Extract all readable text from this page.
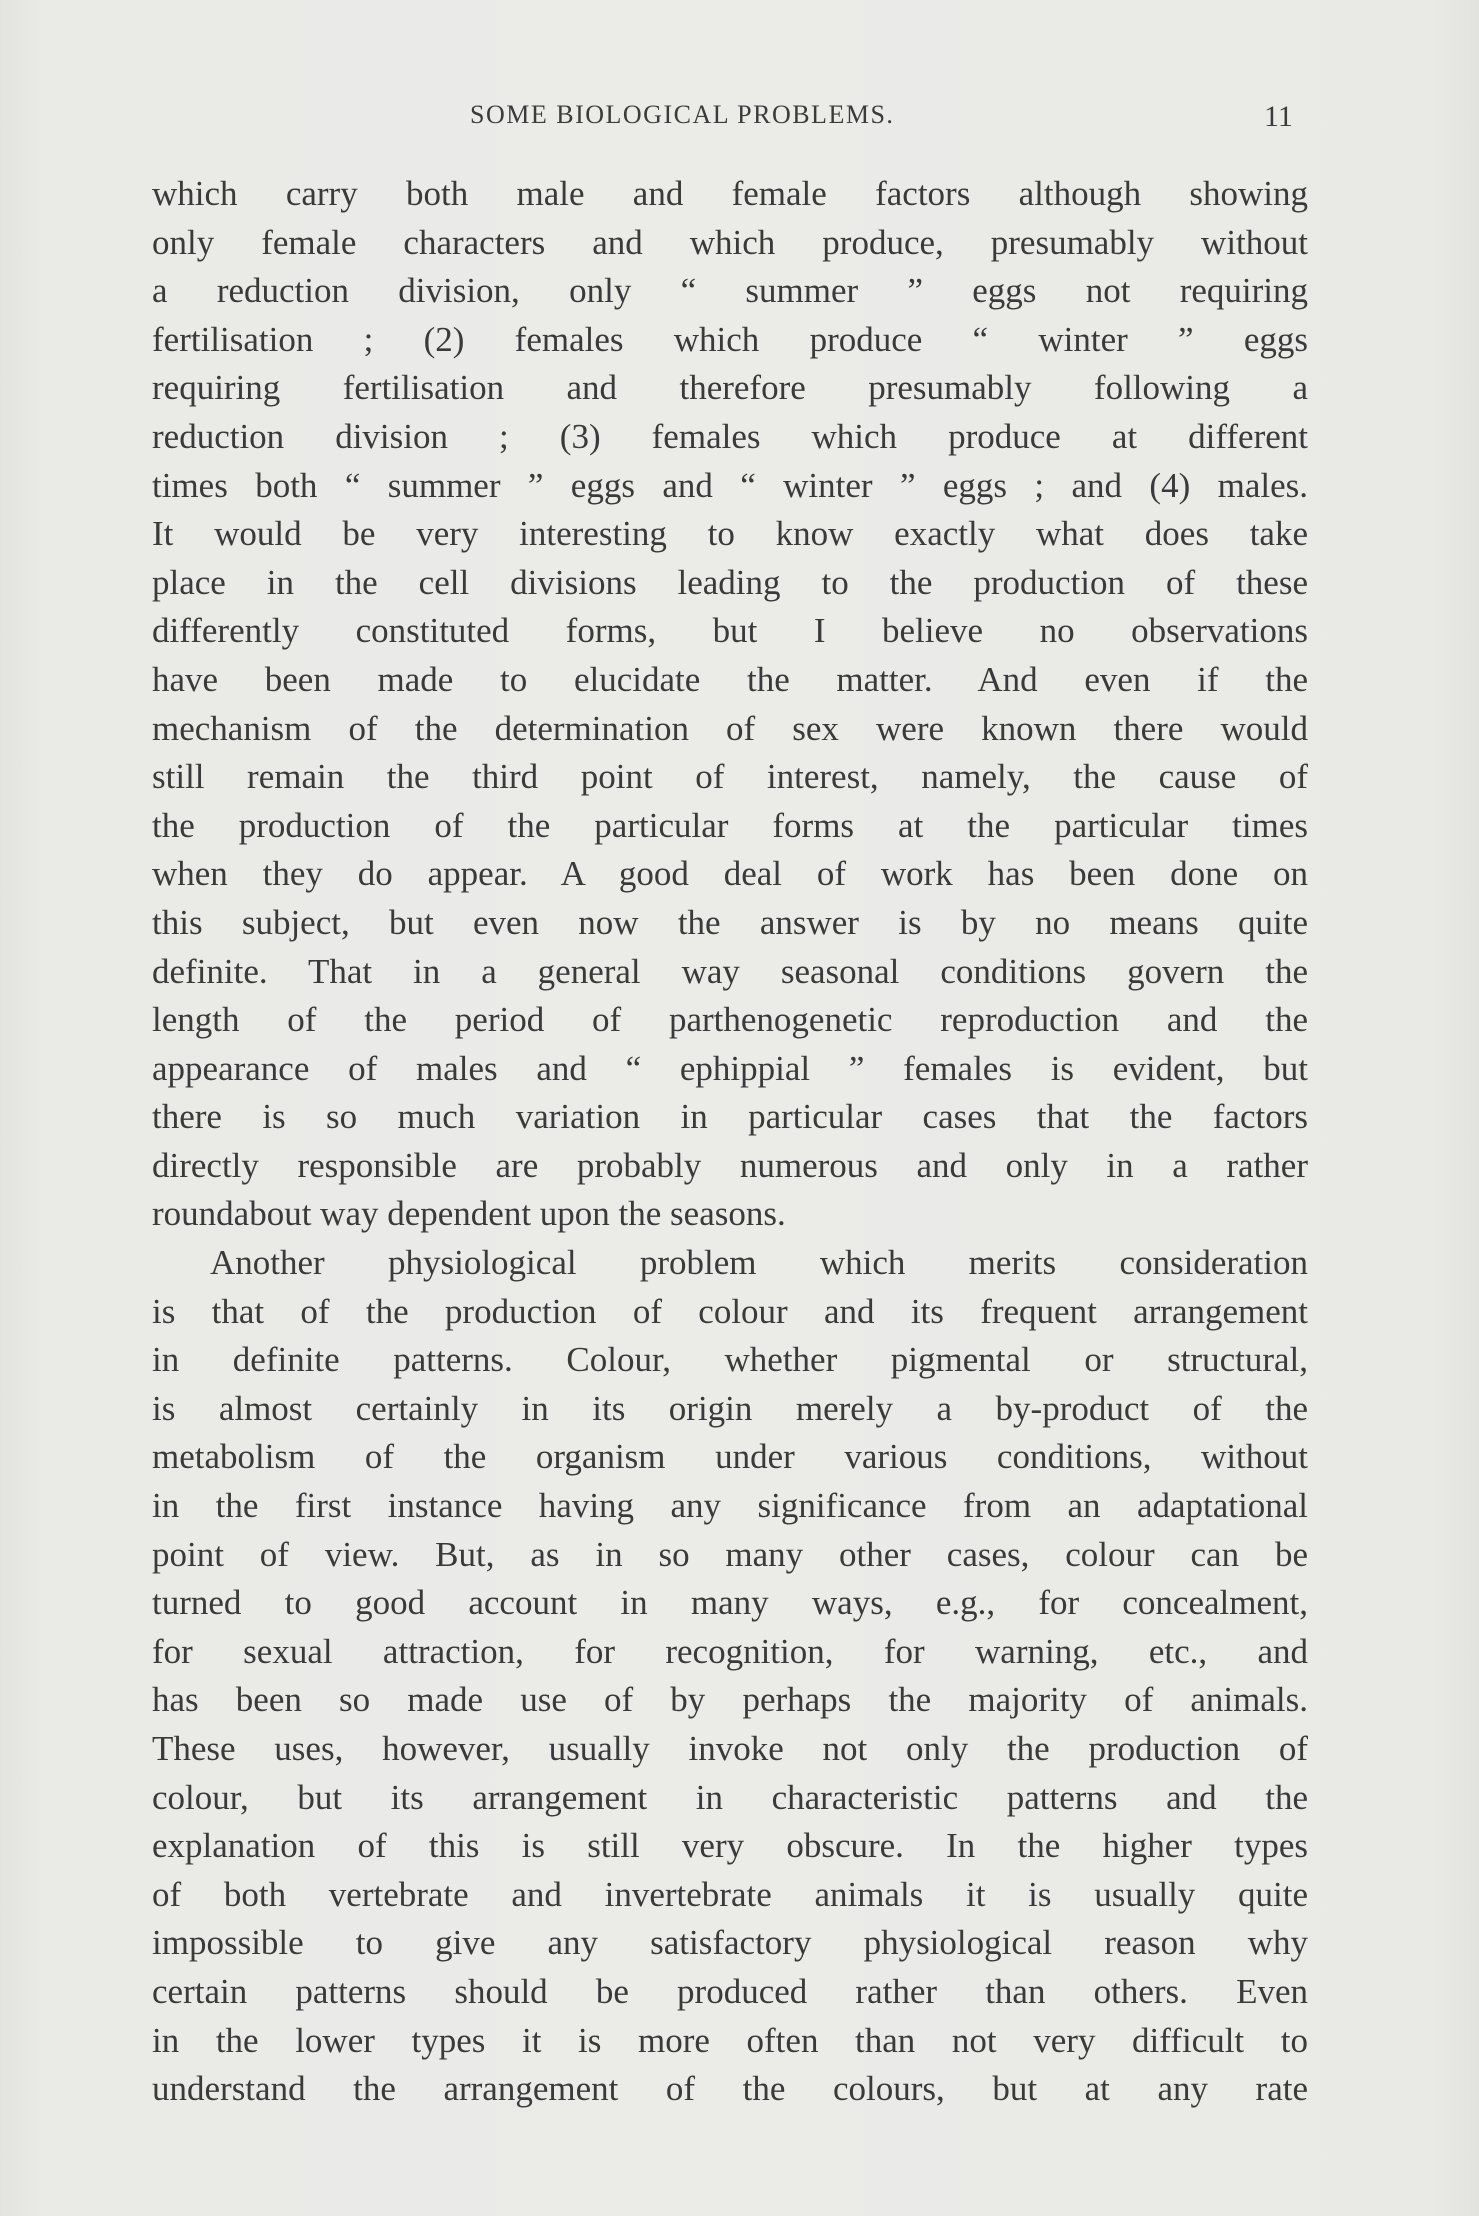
SOME BIOLOGICAL PROBLEMS.	11
which carry both male and female factors although showing
only female characters and which produce, presumably without
a reduction division, only “ summer ” eggs not requiring
fertilisation ; (2) females which produce “ winter ” eggs
requiring fertilisation and therefore presumably following a
reduction division ; (3) females which produce at different
times both “ summer ” eggs and “ winter ” eggs ; and (4) males.
It would be very interesting to know exactly what does take
place in the cell divisions leading to the production of these
differently constituted forms, but I believe no observations
have been made to elucidate the matter. And even if the
mechanism of the determination of sex were known there would
still remain the third point of interest, namely, the cause of
the production of the particular forms at the particular times
when they do appear. A good deal of work has been done on
this subject, but even now the answer is by no means quite
definite. That in a general way seasonal conditions govern the
length of the period of parthenogenetic reproduction and the
appearance of males and “ ephippial ” females is evident, but
there is so much variation in particular cases that the factors
directly responsible are probably numerous and only in a rather
roundabout way dependent upon the seasons.
Another physiological problem which merits consideration
is that of the production of colour and its frequent arrangement
in definite patterns. Colour, whether pigmental or structural,
is almost certainly in its origin merely a by-product of the
metabolism of the organism under various conditions, without
in the first instance having any significance from an adaptational
point of view. But, as in so many other cases, colour can be
turned to good account in many ways, e.g., for concealment,
for sexual attraction, for recognition, for warning, etc., and
has been so made use of by perhaps the majority of animals.
These uses, however, usually invoke not only the production of
colour, but its arrangement in characteristic patterns and the
explanation of this is still very obscure. In the higher types
of both vertebrate and invertebrate animals it is usually quite
impossible to give any satisfactory physiological reason why
certain patterns should be produced rather than others. Even
in the lower types it is more often than not very difficult to
understand the arrangement of the colours, but at any rate
